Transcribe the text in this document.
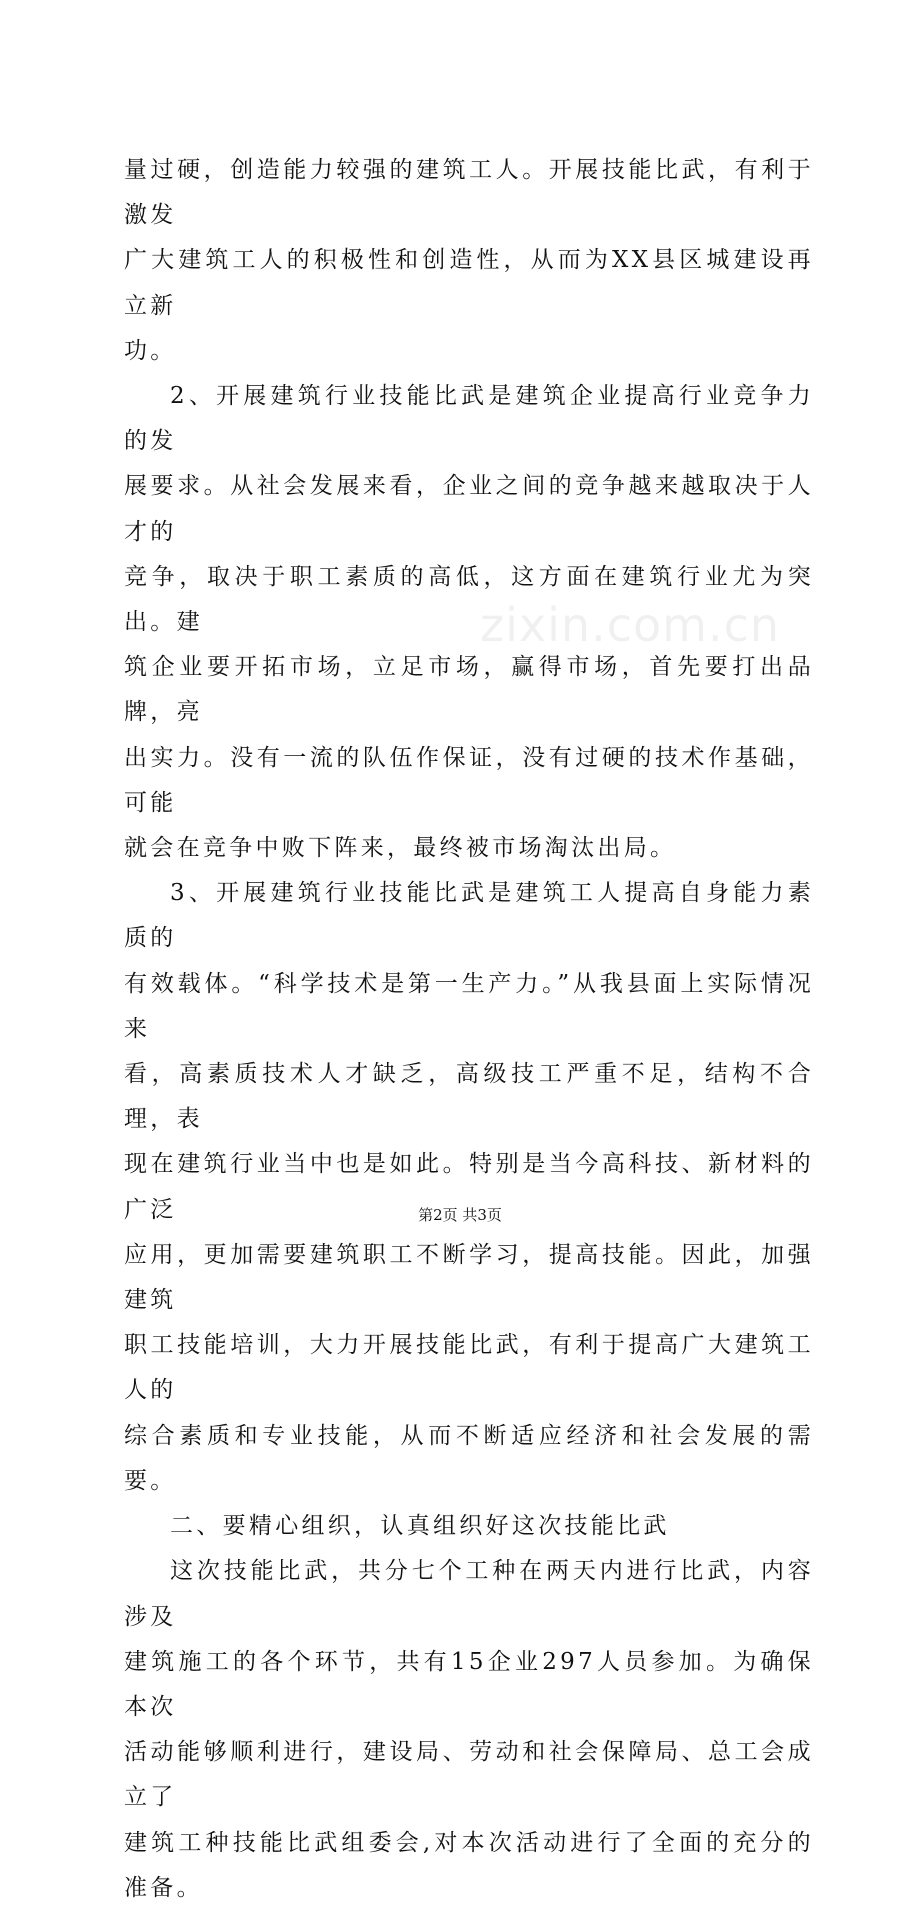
zixin.com.cn

量过硬，创造能力较强的建筑工人。开展技能比武，有利于激发
广大建筑工人的积极性和创造性，从而为XX县区城建设再立新
功。

2、开展建筑行业技能比武是建筑企业提高行业竞争力的发
展要求。从社会发展来看，企业之间的竞争越来越取决于人才的
竞争，取决于职工素质的高低，这方面在建筑行业尤为突出。建
筑企业要开拓市场，立足市场，赢得市场，首先要打出品牌，亮
出实力。没有一流的队伍作保证，没有过硬的技术作基础，可能
就会在竞争中败下阵来，最终被市场淘汰出局。

3、开展建筑行业技能比武是建筑工人提高自身能力素质的
有效载体。“科学技术是第一生产力。”从我县面上实际情况来
看，高素质技术人才缺乏，高级技工严重不足，结构不合理，表
现在建筑行业当中也是如此。特别是当今高科技、新材料的广泛
应用，更加需要建筑职工不断学习，提高技能。因此，加强建筑
职工技能培训，大力开展技能比武，有利于提高广大建筑工人的
综合素质和专业技能，从而不断适应经济和社会发展的需要。

二、要精心组织，认真组织好这次技能比武

这次技能比武，共分七个工种在两天内进行比武，内容涉及
建筑施工的各个环节，共有15企业297人员参加。为确保本次
活动能够顺利进行，建设局、劳动和社会保障局、总工会成立了
建筑工种技能比武组委会,对本次活动进行了全面的充分的准备。

第2页 共3页
